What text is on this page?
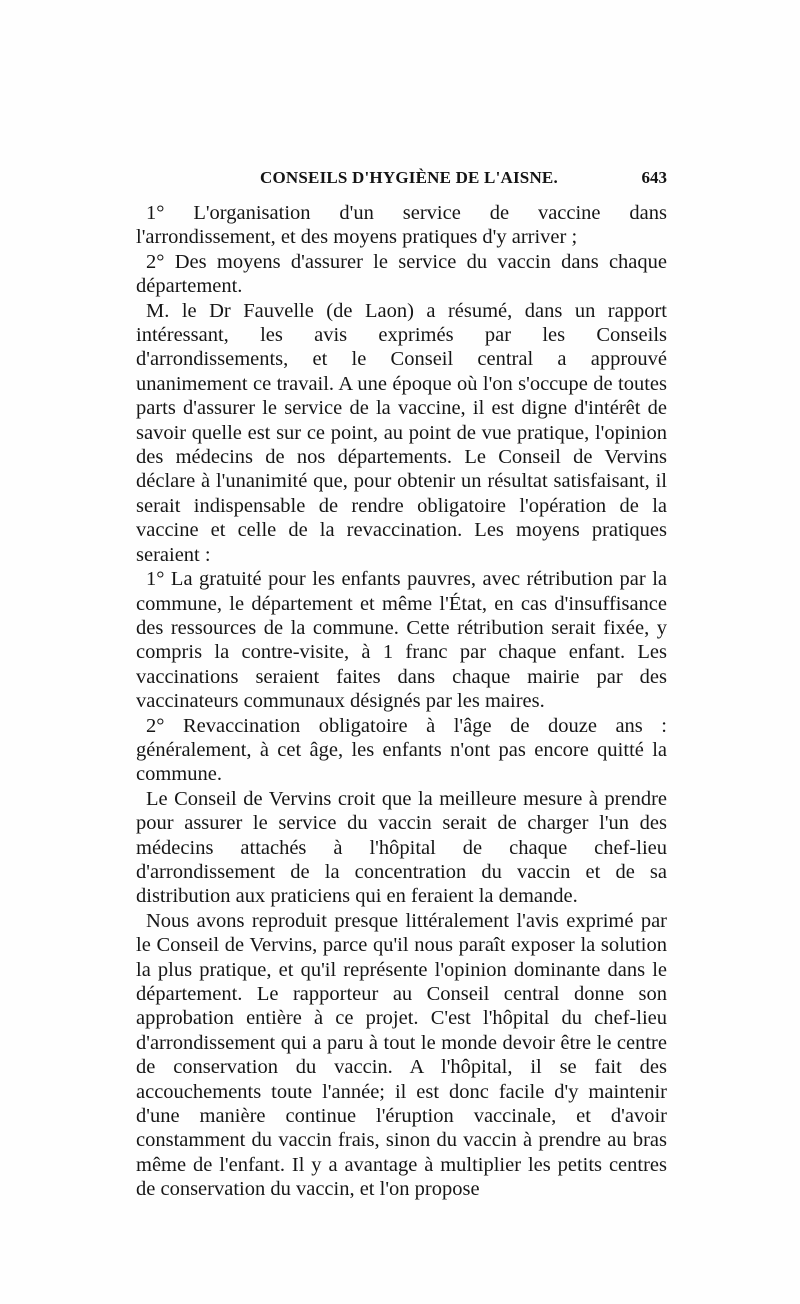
CONSEILS D'HYGIÈNE DE L'AISNE.	643

1° L'organisation d'un service de vaccine dans l'arrondissement, et des moyens pratiques d'y arriver ;

2° Des moyens d'assurer le service du vaccin dans chaque département.

M. le Dr Fauvelle (de Laon) a résumé, dans un rapport intéressant, les avis exprimés par les Conseils d'arrondissements, et le Conseil central a approuvé unanimement ce travail. A une époque où l'on s'occupe de toutes parts d'assurer le service de la vaccine, il est digne d'intérêt de savoir quelle est sur ce point, au point de vue pratique, l'opinion des médecins de nos départements. Le Conseil de Vervins déclare à l'unanimité que, pour obtenir un résultat satisfaisant, il serait indispensable de rendre obligatoire l'opération de la vaccine et celle de la revaccination. Les moyens pratiques seraient :

1° La gratuité pour les enfants pauvres, avec rétribution par la commune, le département et même l'État, en cas d'insuffisance des ressources de la commune. Cette rétribution serait fixée, y compris la contre-visite, à 1 franc par chaque enfant. Les vaccinations seraient faites dans chaque mairie par des vaccinateurs communaux désignés par les maires.

2° Revaccination obligatoire à l'âge de douze ans : généralement, à cet âge, les enfants n'ont pas encore quitté la commune.

Le Conseil de Vervins croit que la meilleure mesure à prendre pour assurer le service du vaccin serait de charger l'un des médecins attachés à l'hôpital de chaque chef-lieu d'arrondissement de la concentration du vaccin et de sa distribution aux praticiens qui en feraient la demande.

Nous avons reproduit presque littéralement l'avis exprimé par le Conseil de Vervins, parce qu'il nous paraît exposer la solution la plus pratique, et qu'il représente l'opinion dominante dans le département. Le rapporteur au Conseil central donne son approbation entière à ce projet. C'est l'hôpital du chef-lieu d'arrondissement qui a paru à tout le monde devoir être le centre de conservation du vaccin. A l'hôpital, il se fait des accouchements toute l'année; il est donc facile d'y maintenir d'une manière continue l'éruption vaccinale, et d'avoir constamment du vaccin frais, sinon du vaccin à prendre au bras même de l'enfant. Il y a avantage à multiplier les petits centres de conservation du vaccin, et l'on propose
